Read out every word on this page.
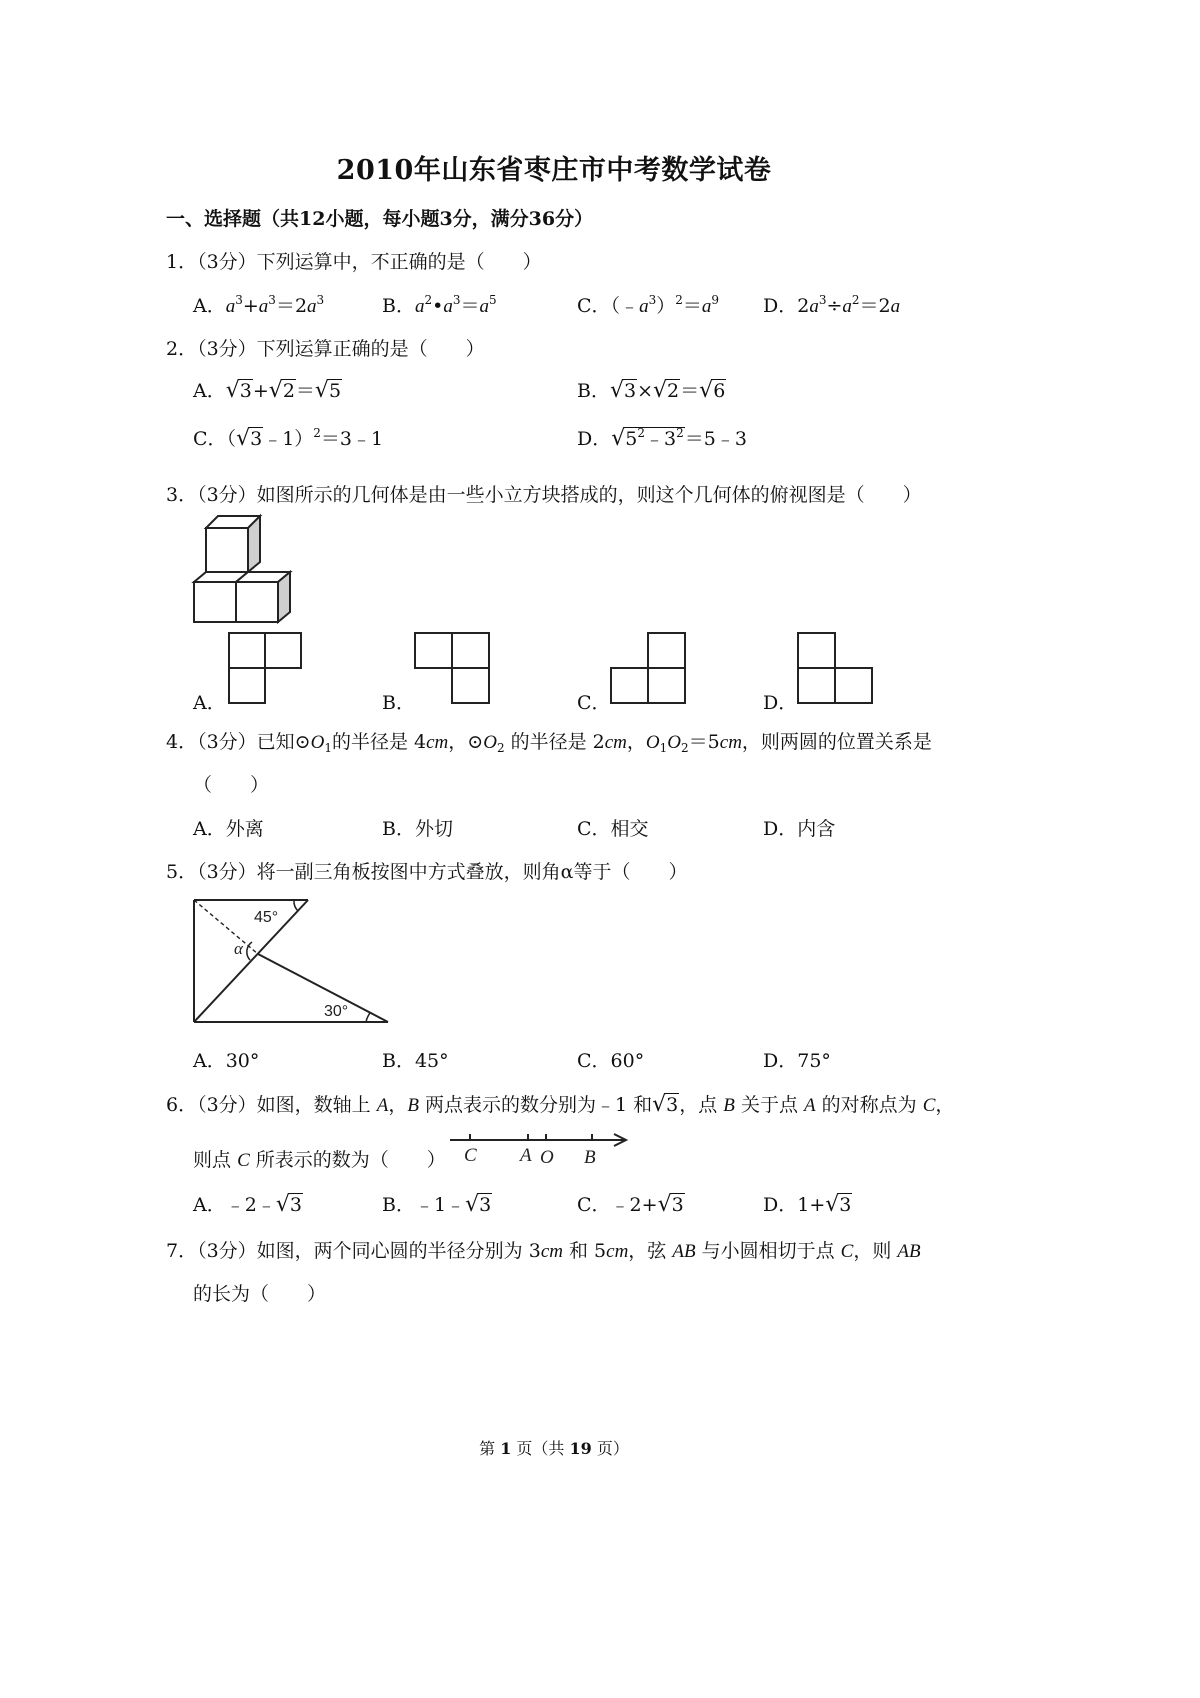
2010年山东省枣庄市中考数学试卷
一、选择题（共12小题，每小题3分，满分36分）
1．（3分）下列运算中，不正确的是（　　）
A．$a^3+a^3=2a^3$	B．$a^2•a^3=a^5$	C．$(﹣a^3)^2=a^9$ D．$2a^3\div a^2=2a$
2．（3分）下列运算正确的是（　　）
A．√3+√2＝√5	B．√3×√2＝√6
C．（√3﹣1）$^2$＝3﹣1	D．$√5^2﹣3^2=5﹣3$
3．（3分）如图所示的几何体是由一些小立方块搭成的，则这个几何体的俯视图是（　　）
A．	B．	C．	D．
4．（3分）已知$⊙O_1$的半径是 4cm，$⊙O_2$ 的半径是 2cm，$O_1O_2=5cm$，则两圆的位置关系是
（　　）
A．外离	B．外切	C．相交	D．内含
5．（3分）将一副三角板按图中方式叠放，则角α等于（　　）
45°
α
30°
A．30°	B．45°	C．60°	D．75°
6．（3分）如图，数轴上 A，B 两点表示的数分别为﹣1 和√3，点 B 关于点 A 的对称点为 C，
则点 C 所表示的数为（　　） C A O B
A．﹣2﹣√3	B．﹣1﹣√3	C．﹣2+√3	D．1+√3
7．（3分）如图，两个同心圆的半径分别为 3cm 和 5cm，弦 AB 与小圆相切于点 C，则 AB
的长为（　　）
第 1 页（共 19 页）
